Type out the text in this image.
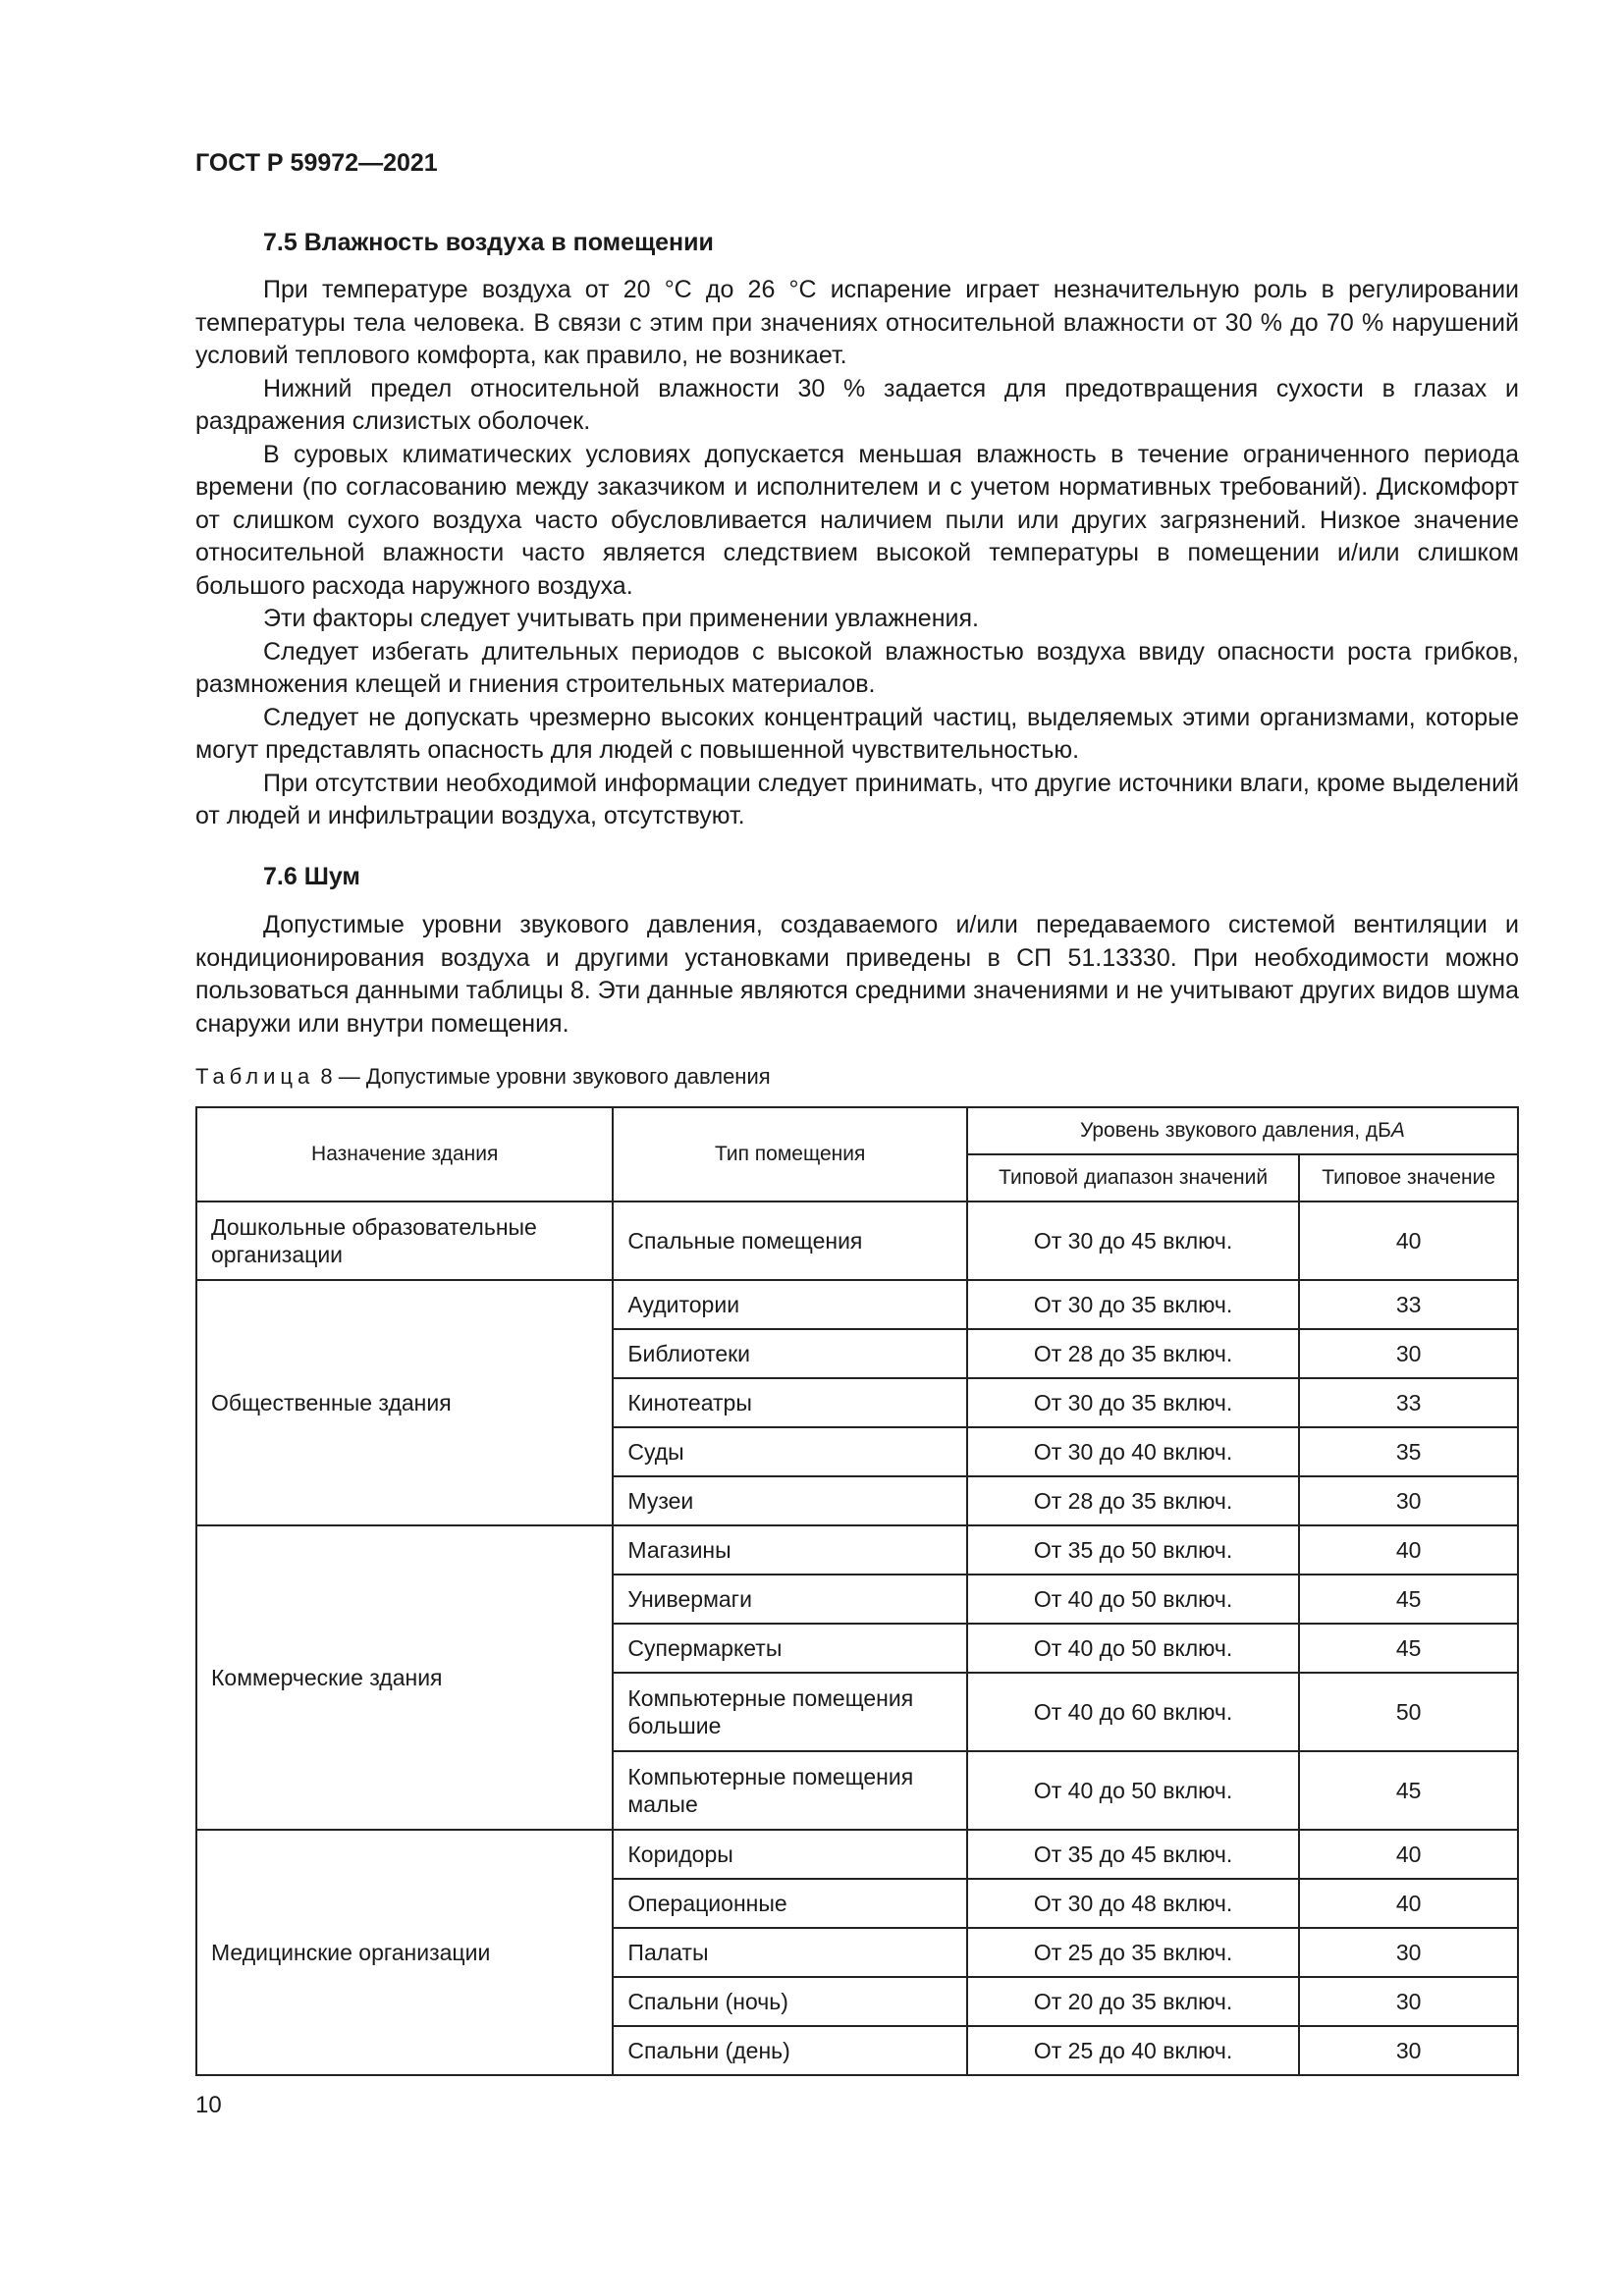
ГОСТ Р 59972—2021
7.5 Влажность воздуха в помещении

При температуре воздуха от 20 °С до 26 °С испарение играет незначительную роль в регулировании температуры тела человека. В связи с этим при значениях относительной влажности от 30 % до 70 % нарушений условий теплового комфорта, как правило, не возникает.

Нижний предел относительной влажности 30 % задается для предотвращения сухости в глазах и раздражения слизистых оболочек.

В суровых климатических условиях допускается меньшая влажность в течение ограниченного периода времени (по согласованию между заказчиком и исполнителем и с учетом нормативных требований). Дискомфорт от слишком сухого воздуха часто обусловливается наличием пыли или других загрязнений. Низкое значение относительной влажности часто является следствием высокой температуры в помещении и/или слишком большого расхода наружного воздуха.

Эти факторы следует учитывать при применении увлажнения.

Следует избегать длительных периодов с высокой влажностью воздуха ввиду опасности роста грибков, размножения клещей и гниения строительных материалов.

Следует не допускать чрезмерно высоких концентраций частиц, выделяемых этими организмами, которые могут представлять опасность для людей с повышенной чувствительностью.

При отсутствии необходимой информации следует принимать, что другие источники влаги, кроме выделений от людей и инфильтрации воздуха, отсутствуют.

7.6 Шум

Допустимые уровни звукового давления, создаваемого и/или передаваемого системой вентиляции и кондиционирования воздуха и другими установками приведены в СП 51.13330. При необходимости можно пользоваться данными таблицы 8. Эти данные являются средними значениями и не учитывают других видов шума снаружи или внутри помещения.

Таблица 8 — Допустимые уровни звукового давления
Назначение здания	Тип помещения	Уровень звукового давления, дБА	
		Типовой диапазон значений	Типовое значение
Дошкольные образовательные организации	Спальные помещения	От 30 до 45 включ.	40
Общественные здания	Аудитории	От 30 до 35 включ.	33
	Библиотеки	От 28 до 35 включ.	30
	Кинотеатры	От 30 до 35 включ.	33
	Суды	От 30 до 40 включ.	35
	Музеи	От 28 до 35 включ.	30
Коммерческие здания	Магазины	От 35 до 50 включ.	40
	Универмаги	От 40 до 50 включ.	45
	Супермаркеты	От 40 до 50 включ.	45
	Компьютерные помещения большие	От 40 до 60 включ.	50
	Компьютерные помещения малые	От 40 до 50 включ.	45
Медицинские организации	Коридоры	От 35 до 45 включ.	40
	Операционные	От 30 до 48 включ.	40
	Палаты	От 25 до 35 включ.	30
	Спальни (ночь)	От 20 до 35 включ.	30
	Спальни (день)	От 25 до 40 включ.	30
10
